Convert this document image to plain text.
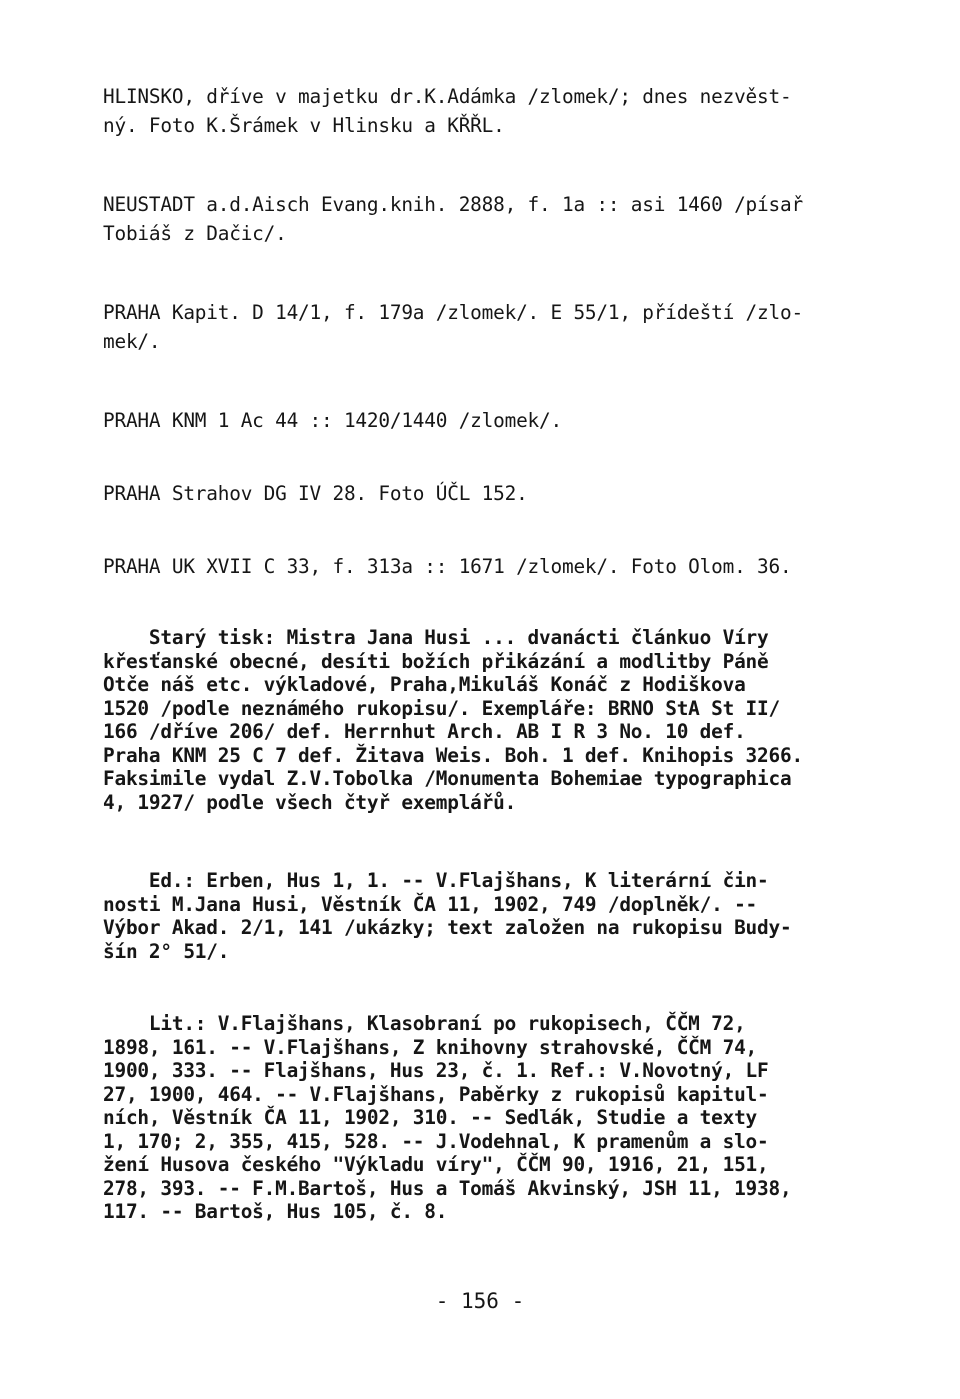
HLINSKO, dříve v majetku dr.K.Adámka /zlomek/; dnes nezvěst-
ný. Foto K.Šrámek v Hlinsku a KŘŘL.
NEUSTADT a.d.Aisch Evang.knih. 2888, f. 1a :: asi 1460 /písař
Tobiáš z Dačic/.
PRAHA Kapit. D 14/1, f. 179a /zlomek/. E 55/1, přídeští /zlo-
mek/.
PRAHA KNM 1 Ac 44 :: 1420/1440 /zlomek/.
PRAHA Strahov DG IV 28. Foto ÚČL 152.
PRAHA UK XVII C 33, f. 313a :: 1671 /zlomek/. Foto Olom. 36.
Starý tisk: Mistra Jana Husi ... dvanácti článkuo Víry
křesťanské obecné, desíti božích přikázání a modlitby Páně
Otče náš etc. výkladové, Praha,Mikuláš Konáč z Hodiškova
1520 /podle neznámého rukopisu/. Exempláře: BRNO StA St II/
166 /dříve 206/ def. Herrnhut Arch. AB I R 3 No. 10 def.
Praha KNM 25 C 7 def. Žitava Weis. Boh. 1 def. Knihopis 3266.
Faksimile vydal Z.V.Tobolka /Monumenta Bohemiae typographica
4, 1927/ podle všech čtyř exemplářů.
Ed.: Erben, Hus 1, 1. -- V.Flajšhans, K literární čin-
nosti M.Jana Husi, Věstník ČA 11, 1902, 749 /doplněk/. --
Výbor Akad. 2/1, 141 /ukázky; text založen na rukopisu Budy-
šín 2° 51/.
Lit.: V.Flajšhans, Klasobraní po rukopisech, ČČM 72,
1898, 161. -- V.Flajšhans, Z knihovny strahovské, ČČM 74,
1900, 333. -- Flajšhans, Hus 23, č. 1. Ref.: V.Novotný, LF
27, 1900, 464. -- V.Flajšhans, Paběrky z rukopisů kapitul-
ních, Věstník ČA 11, 1902, 310. -- Sedlák, Studie a texty
1, 170; 2, 355, 415, 528. -- J.Vodehnal, K pramenům a slo-
žení Husova českého "Výkladu víry", ČČM 90, 1916, 21, 151,
278, 393. -- F.M.Bartoš, Hus a Tomáš Akvinský, JSH 11, 1938,
117. -- Bartoš, Hus 105, č. 8.
- 156 -
